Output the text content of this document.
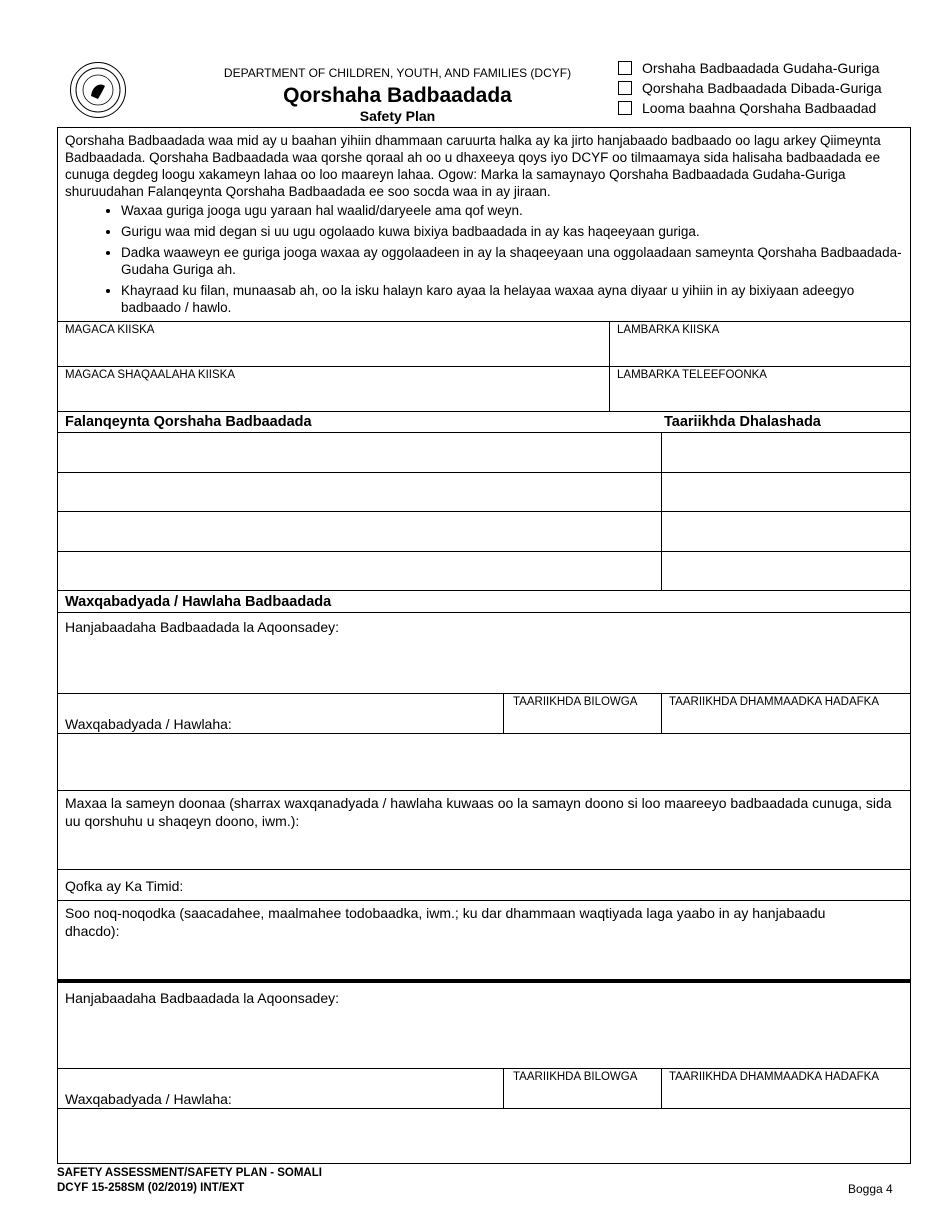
DEPARTMENT OF CHILDREN, YOUTH, AND FAMILIES (DCYF)
Qorshaha Badbaadada
Safety Plan
Orshaha Badbaadada Gudaha-Guriga
Qorshaha Badbaadada Dibada-Guriga
Looma baahna Qorshaha Badbaadad
Qorshaha Badbaadada waa mid ay u baahan yihiin dhammaan caruurta halka ay ka jirto hanjabaado badbaado oo lagu arkey Qiimeynta Badbaadada. Qorshaha Badbaadada waa qorshe qoraal ah oo u dhaxeeya qoys iyo DCYF oo tilmaamaya sida halisaha badbaadada ee cunuga degdeg loogu xakameyn lahaa oo loo maareyn lahaa. Ogow: Marka la samaynayo Qorshaha Badbaadada Gudaha-Guriga shuruudahan Falanqeynta Qorshaha Badbaadada ee soo socda waa in ay jiraan.
• Waxaa guriga jooga ugu yaraan hal waalid/daryeele ama qof weyn.
• Gurigu waa mid degan si uu ugu ogolaado kuwa bixiya badbaadada in ay kas haqeeyaan guriga.
• Dadka waaweyn ee guriga jooga waxaa ay oggolaadeen in ay la shaqeeyaan una oggolaadaan sameynta Qorshaha Badbaadada-Gudaha Guriga ah.
• Khayraad ku filan, munaasab ah, oo la isku halayn karo ayaa la helayaa waxaa ayna diyaar u yihiin in ay bixiyaan adeegyo badbaado / hawlo.
MAGACA KIISKA	LAMBARKA KIISKA
MAGACA SHAQAALAHA KIISKA	LAMBARKA TELEEFOONKA
Falanqeynta Qorshaha Badbaadada	Taariikhda Dhalashada
Waxqabadyada / Hawlaha Badbaadada
Hanjabaadaha Badbaadada la Aqoonsadey:
TAARIIKHDA BILOWGA	TAARIIKHDA DHAMMAADKA HADAFKA
Waxqabadyada / Hawlaha:
Maxaa la sameyn doonaa (sharrax waxqanadyada / hawlaha kuwaas oo la samayn doono si loo maareeyo badbaadada cunuga, sida uu qorshuhu u shaqeyn doono, iwm.):
Qofka ay Ka Timid:
Soo noq-noqodka (saacadahee, maalmahee todobaadka, iwm.; ku dar dhammaan waqtiyada laga yaabo in ay hanjabaadu dhacdo):
Hanjabaadaha Badbaadada la Aqoonsadey:
TAARIIKHDA BILOWGA	TAARIIKHDA DHAMMAADKA HADAFKA
Waxqabadyada / Hawlaha:
SAFETY ASSESSMENT/SAFETY PLAN - SOMALI
DCYF 15-258SM (02/2019) INT/EXT	Bogga 4
